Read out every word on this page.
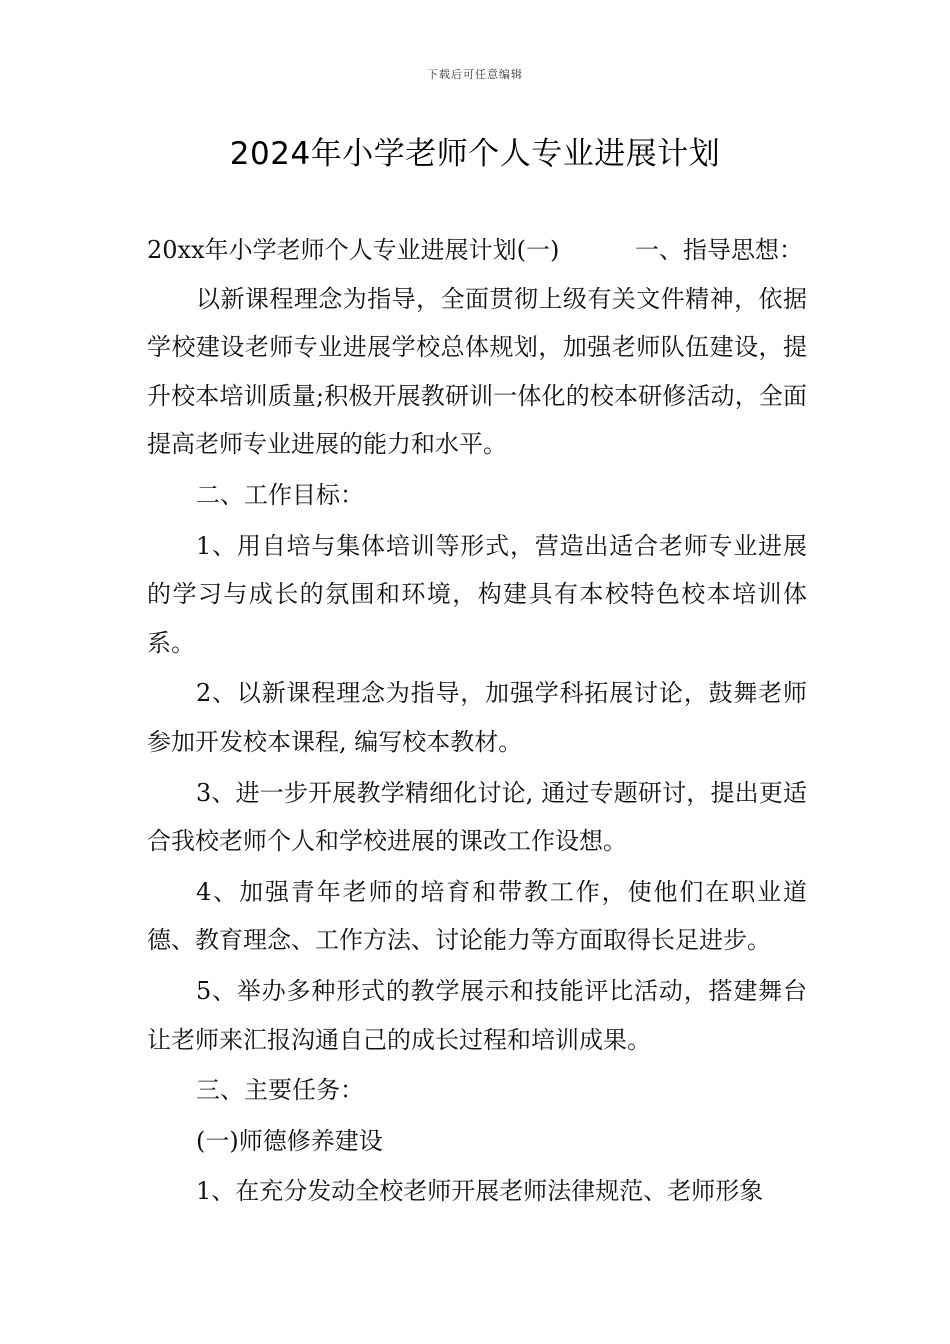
下载后可任意编辑
2024年小学老师个人专业进展计划
20xx年小学老师个人专业进展计划(一)	一、指导思想：

以新课程理念为指导，全面贯彻上级有关文件精神，依据学校建设老师专业进展学校总体规划，加强老师队伍建设，提升校本培训质量;积极开展教研训一体化的校本研修活动，全面提高老师专业进展的能力和水平。

二、工作目标：

1、用自培与集体培训等形式，营造出适合老师专业进展的学习与成长的氛围和环境，构建具有本校特色校本培训体系。

2、以新课程理念为指导，加强学科拓展讨论，鼓舞老师参加开发校本课程, 编写校本教材。

3、进一步开展教学精细化讨论, 通过专题研讨，提出更适合我校老师个人和学校进展的课改工作设想。

4、加强青年老师的培育和带教工作，使他们在职业道德、教育理念、工作方法、讨论能力等方面取得长足进步。

5、举办多种形式的教学展示和技能评比活动，搭建舞台让老师来汇报沟通自己的成长过程和培训成果。

三、主要任务：

(一)师德修养建设

1、在充分发动全校老师开展老师法律规范、老师形象
